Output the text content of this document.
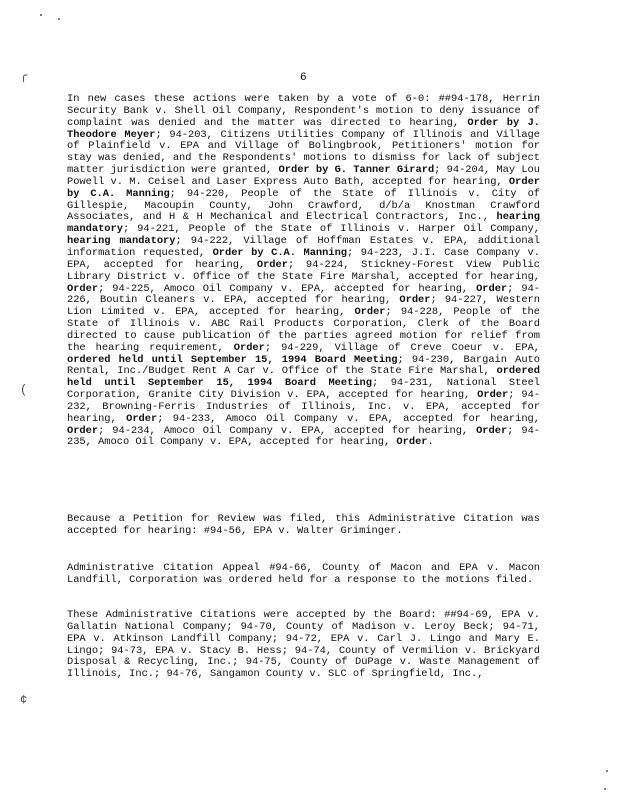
6

In new cases these actions were taken by a vote of 6-0: ##94-178, Herrin Security Bank v. Shell Oil Company, Respondent's motion to deny issuance of complaint was denied and the matter was directed to hearing, Order by J. Theodore Meyer; 94-203, Citizens Utilities Company of Illinois and Village of Plainfield v. EPA and Village of Bolingbrook, Petitioners' motion for stay was denied, and the Respondents' motions to dismiss for lack of subject matter jurisdiction were granted, Order by G. Tanner Girard; 94-204, May Lou Powell v. M. Ceisel and Laser Express Auto Bath, accepted for hearing, Order by C.A. Manning; 94-220, People of the State of Illinois v. City of Gillespie, Macoupin County, John Crawford, d/b/a Knostman Crawford Associates, and H & H Mechanical and Electrical Contractors, Inc., hearing mandatory; 94-221, People of the State of Illinois v. Harper Oil Company, hearing mandatory; 94-222, Village of Hoffman Estates v. EPA, additional information requested, Order by C.A. Manning; 94-223, J.I. Case Company v. EPA, accepted for hearing, Order; 94-224, Stickney-Forest View Public Library District v. Office of the State Fire Marshal, accepted for hearing, Order; 94-225, Amoco Oil Company v. EPA, accepted for hearing, Order; 94-226, Boutin Cleaners v. EPA, accepted for hearing, Order; 94-227, Western Lion Limited v. EPA, accepted for hearing, Order; 94-228, People of the State of Illinois v. ABC Rail Products Corporation, Clerk of the Board directed to cause publication of the parties agreed motion for relief from the hearing requirement, Order; 94-229, Village of Creve Coeur v. EPA, ordered held until September 15, 1994 Board Meeting; 94-230, Bargain Auto Rental, Inc./Budget Rent A Car v. Office of the State Fire Marshal, ordered held until September 15, 1994 Board Meeting; 94-231, National Steel Corporation, Granite City Division v. EPA, accepted for hearing, Order; 94-232, Browning-Ferris Industries of Illinois, Inc. v. EPA, accepted for hearing, Order; 94-233, Amoco Oil Company v. EPA, accepted for hearing, Order; 94-234, Amoco Oil Company v. EPA, accepted for hearing, Order; 94-235, Amoco Oil Company v. EPA, accepted for hearing, Order.

Because a Petition for Review was filed, this Administrative Citation was accepted for hearing: #94-56, EPA v. Walter Griminger.

Administrative Citation Appeal #94-66, County of Macon and EPA v. Macon Landfill, Corporation was ordered held for a response to the motions filed.

These Administrative Citations were accepted by the Board: ##94-69, EPA v. Gallatin National Company; 94-70, County of Madison v. Leroy Beck; 94-71, EPA v. Atkinson Landfill Company; 94-72, EPA v. Carl J. Lingo and Mary E. Lingo; 94-73, EPA v. Stacy B. Hess; 94-74, County of Vermilion v. Brickyard Disposal & Recycling, Inc.; 94-75, County of DuPage v. Waste Management of Illinois, Inc.; 94-76, Sangamon County v. SLC of Springfield, Inc.,

╭
(
¢
